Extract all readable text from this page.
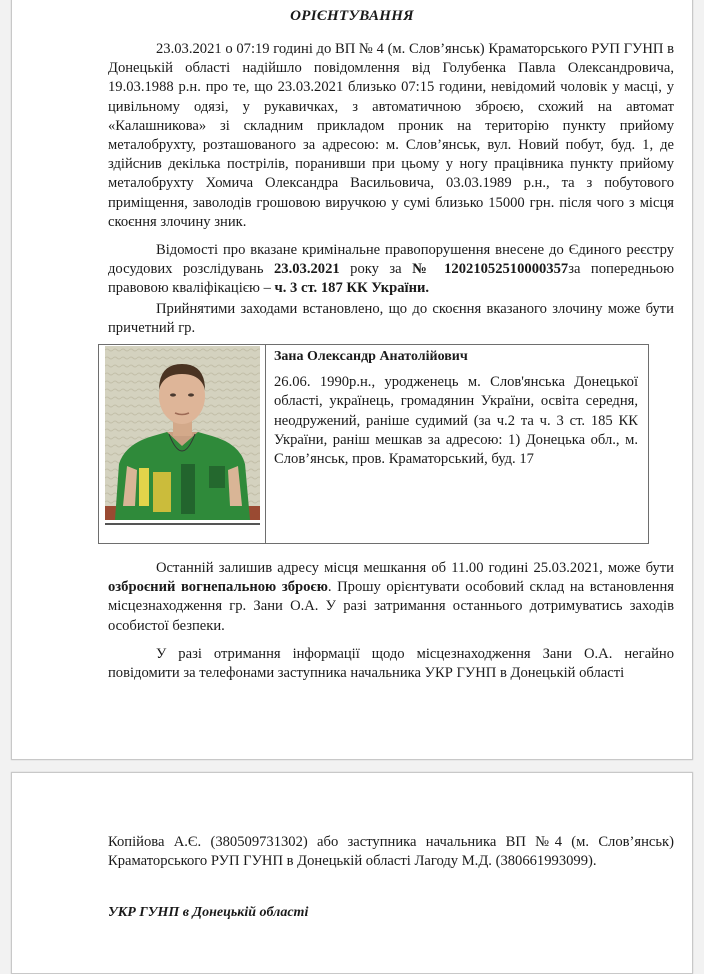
ОРІЄНТУВАННЯ

23.03.2021 о 07:19 годині до ВП № 4 (м. Слов’янськ) Краматорського РУП ГУНП в Донецькій області надійшло повідомлення від Голубенка Павла Олександровича, 19.03.1988 р.н. про те, що 23.03.2021 близько 07:15 години, невідомий чоловік у масці, у цивільному одязі, у рукавичках, з автоматичною зброєю, схожий на автомат «Калашникова» зі складним прикладом проник на територію пункту прийому металобрухту, розташованого за адресою: м. Слов’янськ, вул. Новий побут, буд. 1, де здійснив декілька пострілів, поранивши при цьому у ногу працівника пункту прийому металобрухту Хомича Олександра Васильовича, 03.03.1989 р.н., та з побутового приміщення, заволодів грошовою виручкою у сумі близько 15000 грн. після чого з місця скоєння злочину зник.

Відомості про вказане кримінальне правопорушення внесене до Єдиного реєстру досудових розслідувань 23.03.2021 року за № 12021052510000357за попередньою правовою кваліфікацією – ч. 3 ст. 187 КК України.

Прийнятими заходами встановлено, що до скоєння вказаного злочину може бути причетний гр.

Зана Олександр Анатолійович

26.06. 1990р.н., уродженець м. Слов'янська Донецької області, українець, громадянин України, освіта середня, неодружений, раніше судимий (за ч.2 та ч. 3 ст. 185 КК України, раніш мешкав за адресою: 1) Донецька обл., м. Слов’янськ, пров. Краматорський, буд. 17

Останній залишив адресу місця мешкання об 11.00 годині 25.03.2021, може бути озброєний вогнепальною зброєю. Прошу орієнтувати особовий склад на встановлення місцезнаходження гр. Зани О.А. У разі затримання останнього дотримуватись заходів особистої безпеки.

У разі отримання інформації щодо місцезнаходження Зани О.А. негайно повідомити за телефонами заступника начальника УКР ГУНП в Донецькій області

Копійова А.Є. (380509731302) або заступника начальника ВП №4 (м. Слов’янськ) Краматорського РУП ГУНП в Донецькій області Лагоду М.Д. (380661993099).
УКР ГУНП в Донецькій області
